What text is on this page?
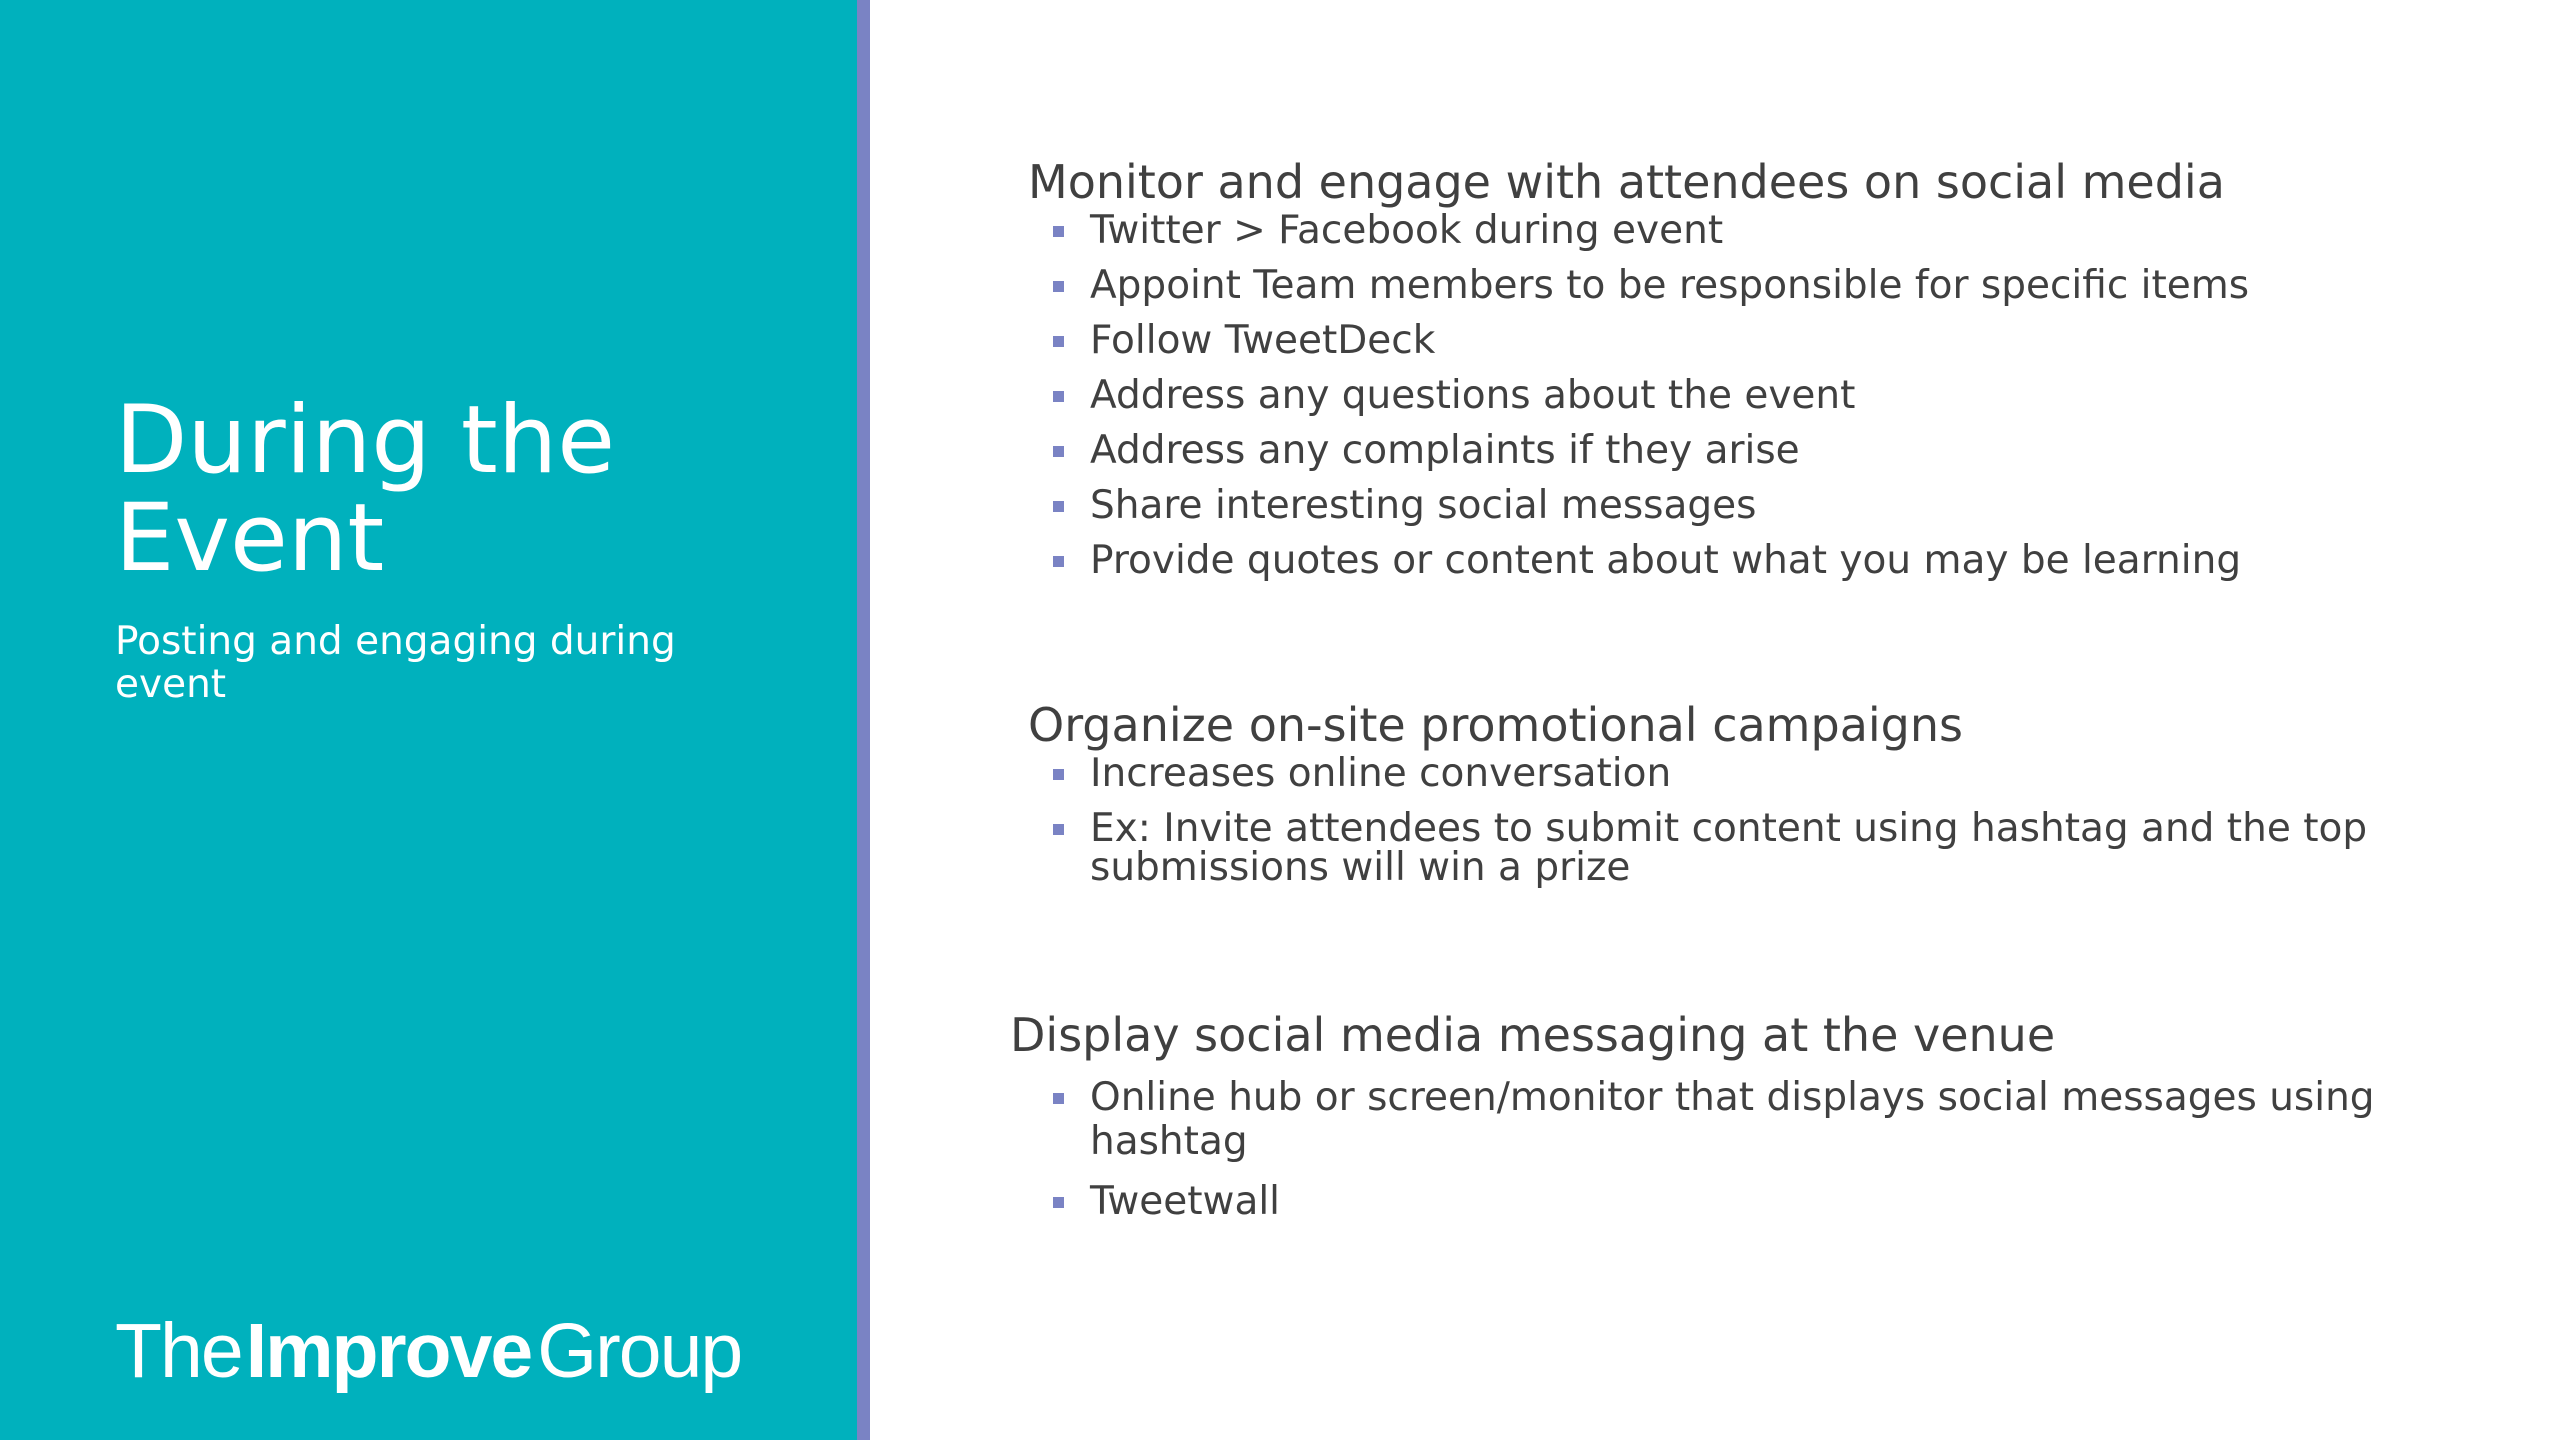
During the Event

Posting and engaging during event

The Improve Group
Monitor and engage with attendees on social media
Twitter > Facebook during event
Appoint Team members to be responsible for specific items
Follow TweetDeck
Address any questions about the event
Address any complaints if they arise
Share interesting social messages
Provide quotes or content about what you may be learning
Organize on-site promotional campaigns
Increases online conversation
Ex: Invite attendees to submit content using hashtag and the top submissions will win a prize
Display social media messaging at the venue
Online hub or screen/monitor that displays social messages using hashtag
Tweetwall
